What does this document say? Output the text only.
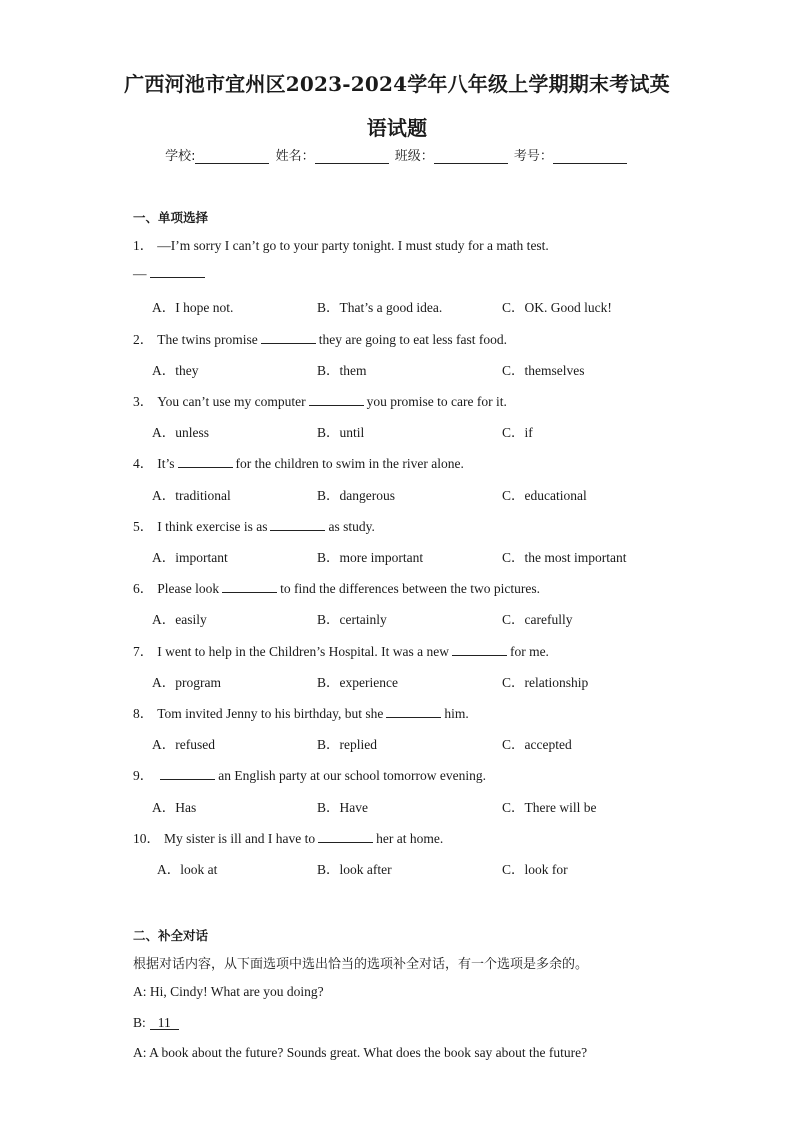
广西河池市宜州区2023-2024学年八年级上学期期末考试英
语试题
学校:	姓名：	班级：	考号：
一、单项选择
1． —I’m sorry I can’t go to your party tonight. I must study for a math test.
—
A．I hope not.	B．That’s a good idea.	C．OK. Good luck!
2． The twins promise	they are going to eat less fast food.
A．they	B．them	C．themselves
3． You can’t use my computer	you promise to care for it.
A．unless	B．until	C．if
4． It’s	for the children to swim in the river alone.
A．traditional	B．dangerous	C．educational
5． I think exercise is as	as study.
A．important	B．more important	C．the most important
6． Please look	to find the differences between the two pictures.
A．easily	B．certainly	C．carefully
7． I went to help in the Children’s Hospital. It was a new	for me.
A．program	B．experience	C．relationship
8． Tom invited Jenny to his birthday, but she	him.
A．refused	B．replied	C．accepted
9．	an English party at our school tomorrow evening.
A．Has	B．Have	C．There will be
10． My sister is ill and I have to	her at home.
A．look at	B．look after	C．look for
二、补全对话
根据对话内容，从下面选项中选出恰当的选项补全对话，有一个选项是多余的。
A: Hi, Cindy! What are you doing?
B: 11
A: A book about the future? Sounds great. What does the book say about the future?
